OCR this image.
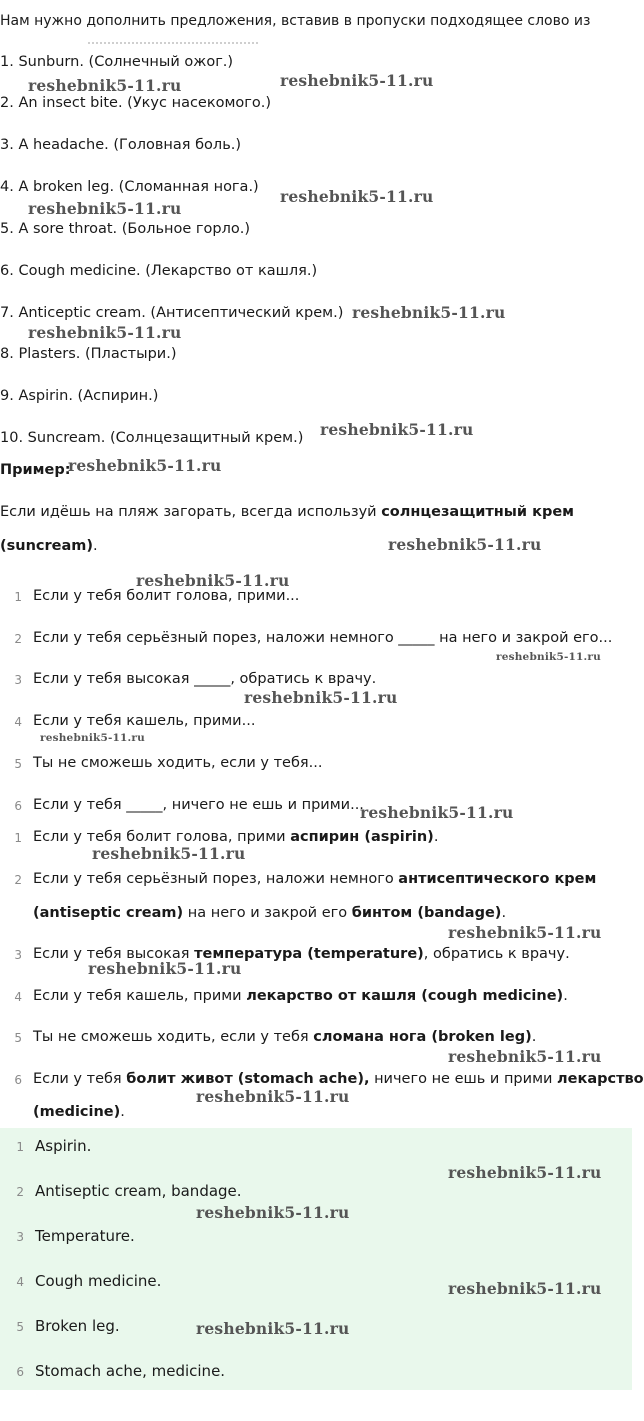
Нам нужно дополнить предложения, вставив в пропуски подходящее слово из
1. Sunburn. (Солнечный ожог.)
2. An insect bite. (Укус насекомого.)
3. A headache. (Головная боль.)
4. A broken leg. (Сломанная нога.)
5. A sore throat. (Больное горло.)
6. Cough medicine. (Лекарство от кашля.)
7. Anticeptic cream. (Антисептический крем.)
8. Plasters. (Пластыри.)
9. Aspirin. (Аспирин.)
10. Suncream. (Солнцезащитный крем.)
Пример:
Если идёшь на пляж загорать, всегда используй солнцезащитный крем
(suncream).
1 Если у тебя болит голова, прими...
2 Если у тебя серьёзный порез, наложи немного _____ на него и закрой его...
3 Если у тебя высокая _____, обратись к врачу.
4 Если у тебя кашель, прими...
5 Ты не сможешь ходить, если у тебя...
6 Если у тебя _____, ничего не ешь и прими...
1 Если у тебя болит голова, прими аспирин (aspirin).
2 Если у тебя серьёзный порез, наложи немного антисептического крем
(antiseptic cream) на него и закрой его бинтом (bandage).
3 Если у тебя высокая температура (temperature), обратись к врачу.
4 Если у тебя кашель, прими лекарство от кашля (cough medicine).
5 Ты не сможешь ходить, если у тебя сломана нога (broken leg).
6 Если у тебя болит живот (stomach ache), ничего не ешь и прими лекарство
(medicine).
1 Aspirin.
2 Antiseptic cream, bandage.
3 Temperature.
4 Cough medicine.
5 Broken leg.
6 Stomach ache, medicine.
reshebnik5-11.ru	reshebnik5-11.ru
reshebnik5-11.ru
reshebnik5-11.ru
reshebnik5-11.ru
reshebnik5-11.ru
reshebnik5-11.ru
reshebnik5-11.ru
reshebnik5-11.ru
reshebnik5-11.ru
reshebnik5-11.ru
reshebnik5-11.ru
reshebnik5-11.ru
reshebnik5-11.ru
reshebnik5-11.ru
reshebnik5-11.ru
reshebnik5-11.ru
reshebnik5-11.ru
reshebnik5-11.ru
reshebnik5-11.ru
reshebnik5-11.ru
reshebnik5-11.ru
reshebnik5-11.ru
